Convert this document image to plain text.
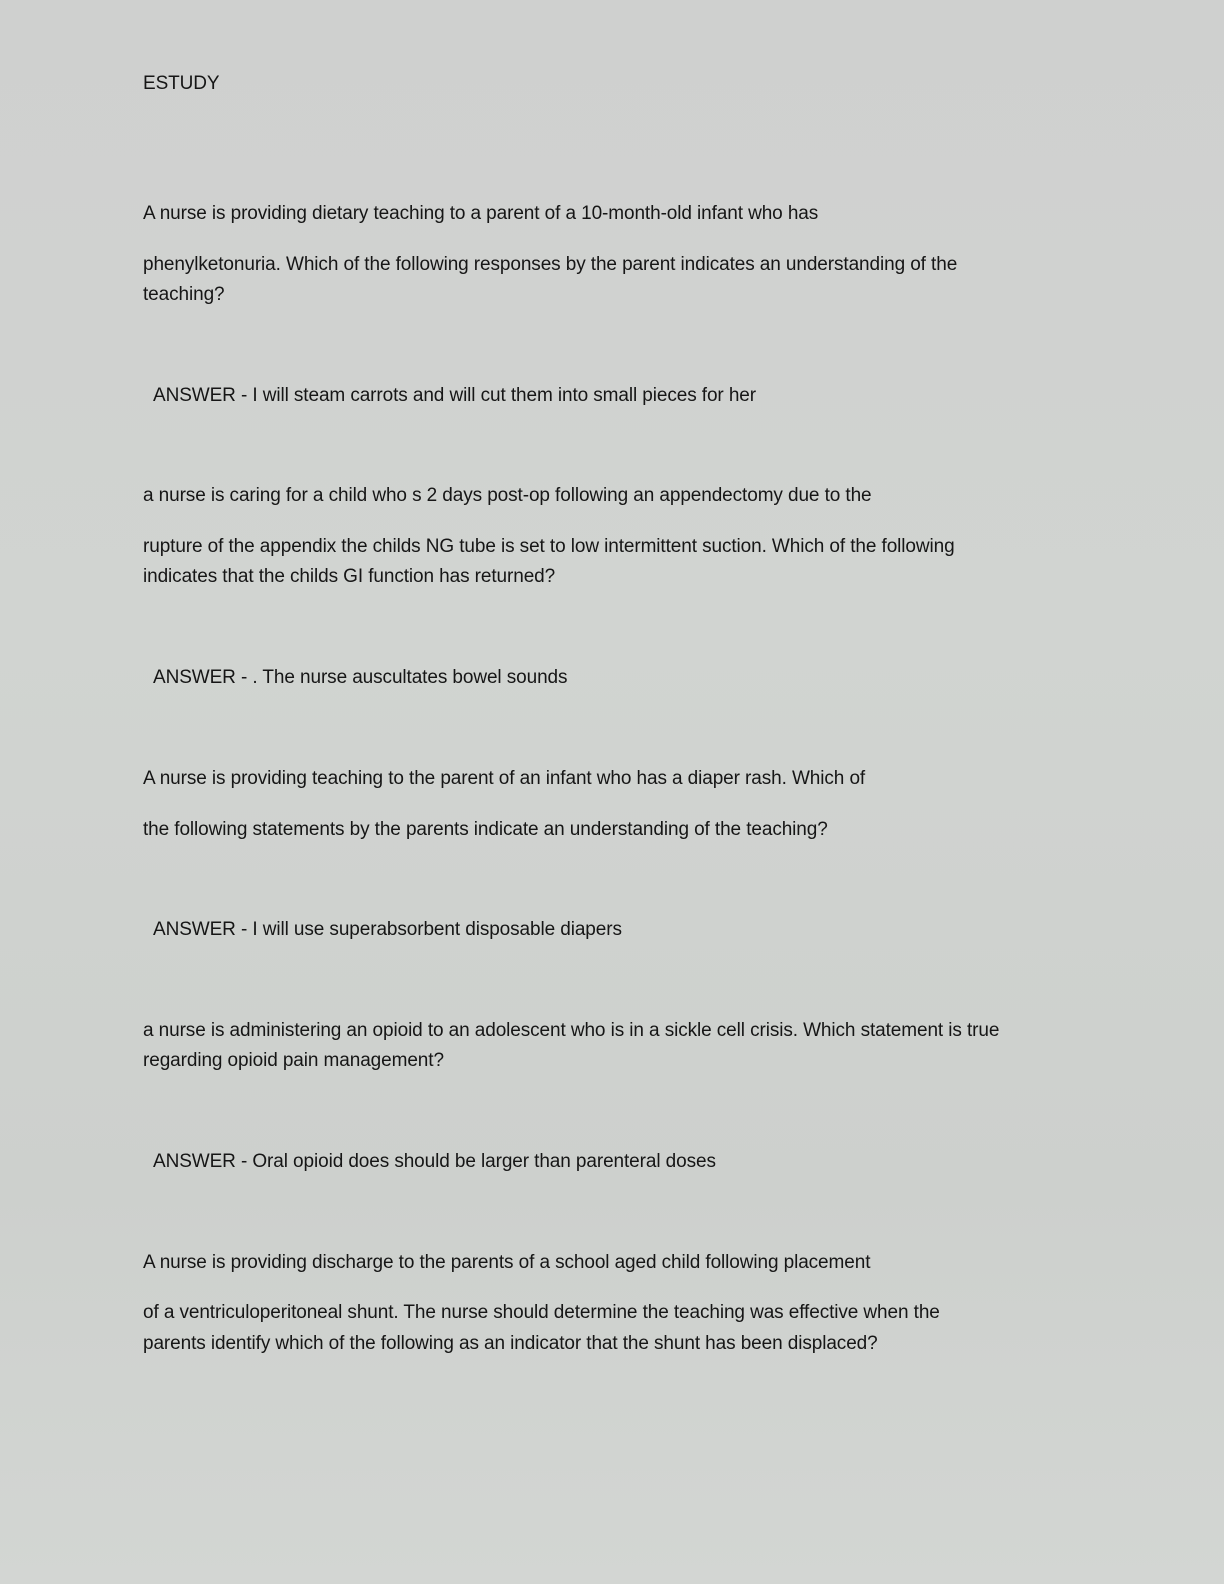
ESTUDY
A nurse is providing dietary teaching to a parent of a 10-month-old infant who has
phenylketonuria. Which of the following responses by the parent indicates an understanding of the
teaching?
ANSWER - I will steam carrots and will cut them into small pieces for her
a nurse is caring for a child who s 2 days post-op following an appendectomy due to the
rupture of the appendix the childs NG tube is set to low intermittent suction. Which of the following
indicates that the childs GI function has returned?
ANSWER - . The nurse auscultates bowel sounds
A nurse is providing teaching to the parent of an infant who has a diaper rash. Which of
the following statements by the parents indicate an understanding of the teaching?
ANSWER - I will use superabsorbent disposable diapers
a nurse is administering an opioid to an adolescent who is in a sickle cell crisis. Which statement is true
regarding opioid pain management?
ANSWER - Oral opioid does should be larger than parenteral doses
A nurse is providing discharge to the parents of a school aged child following placement
of a ventriculoperitoneal shunt. The nurse should determine the teaching was effective when the
parents identify which of the following as an indicator that the shunt has been displaced?
